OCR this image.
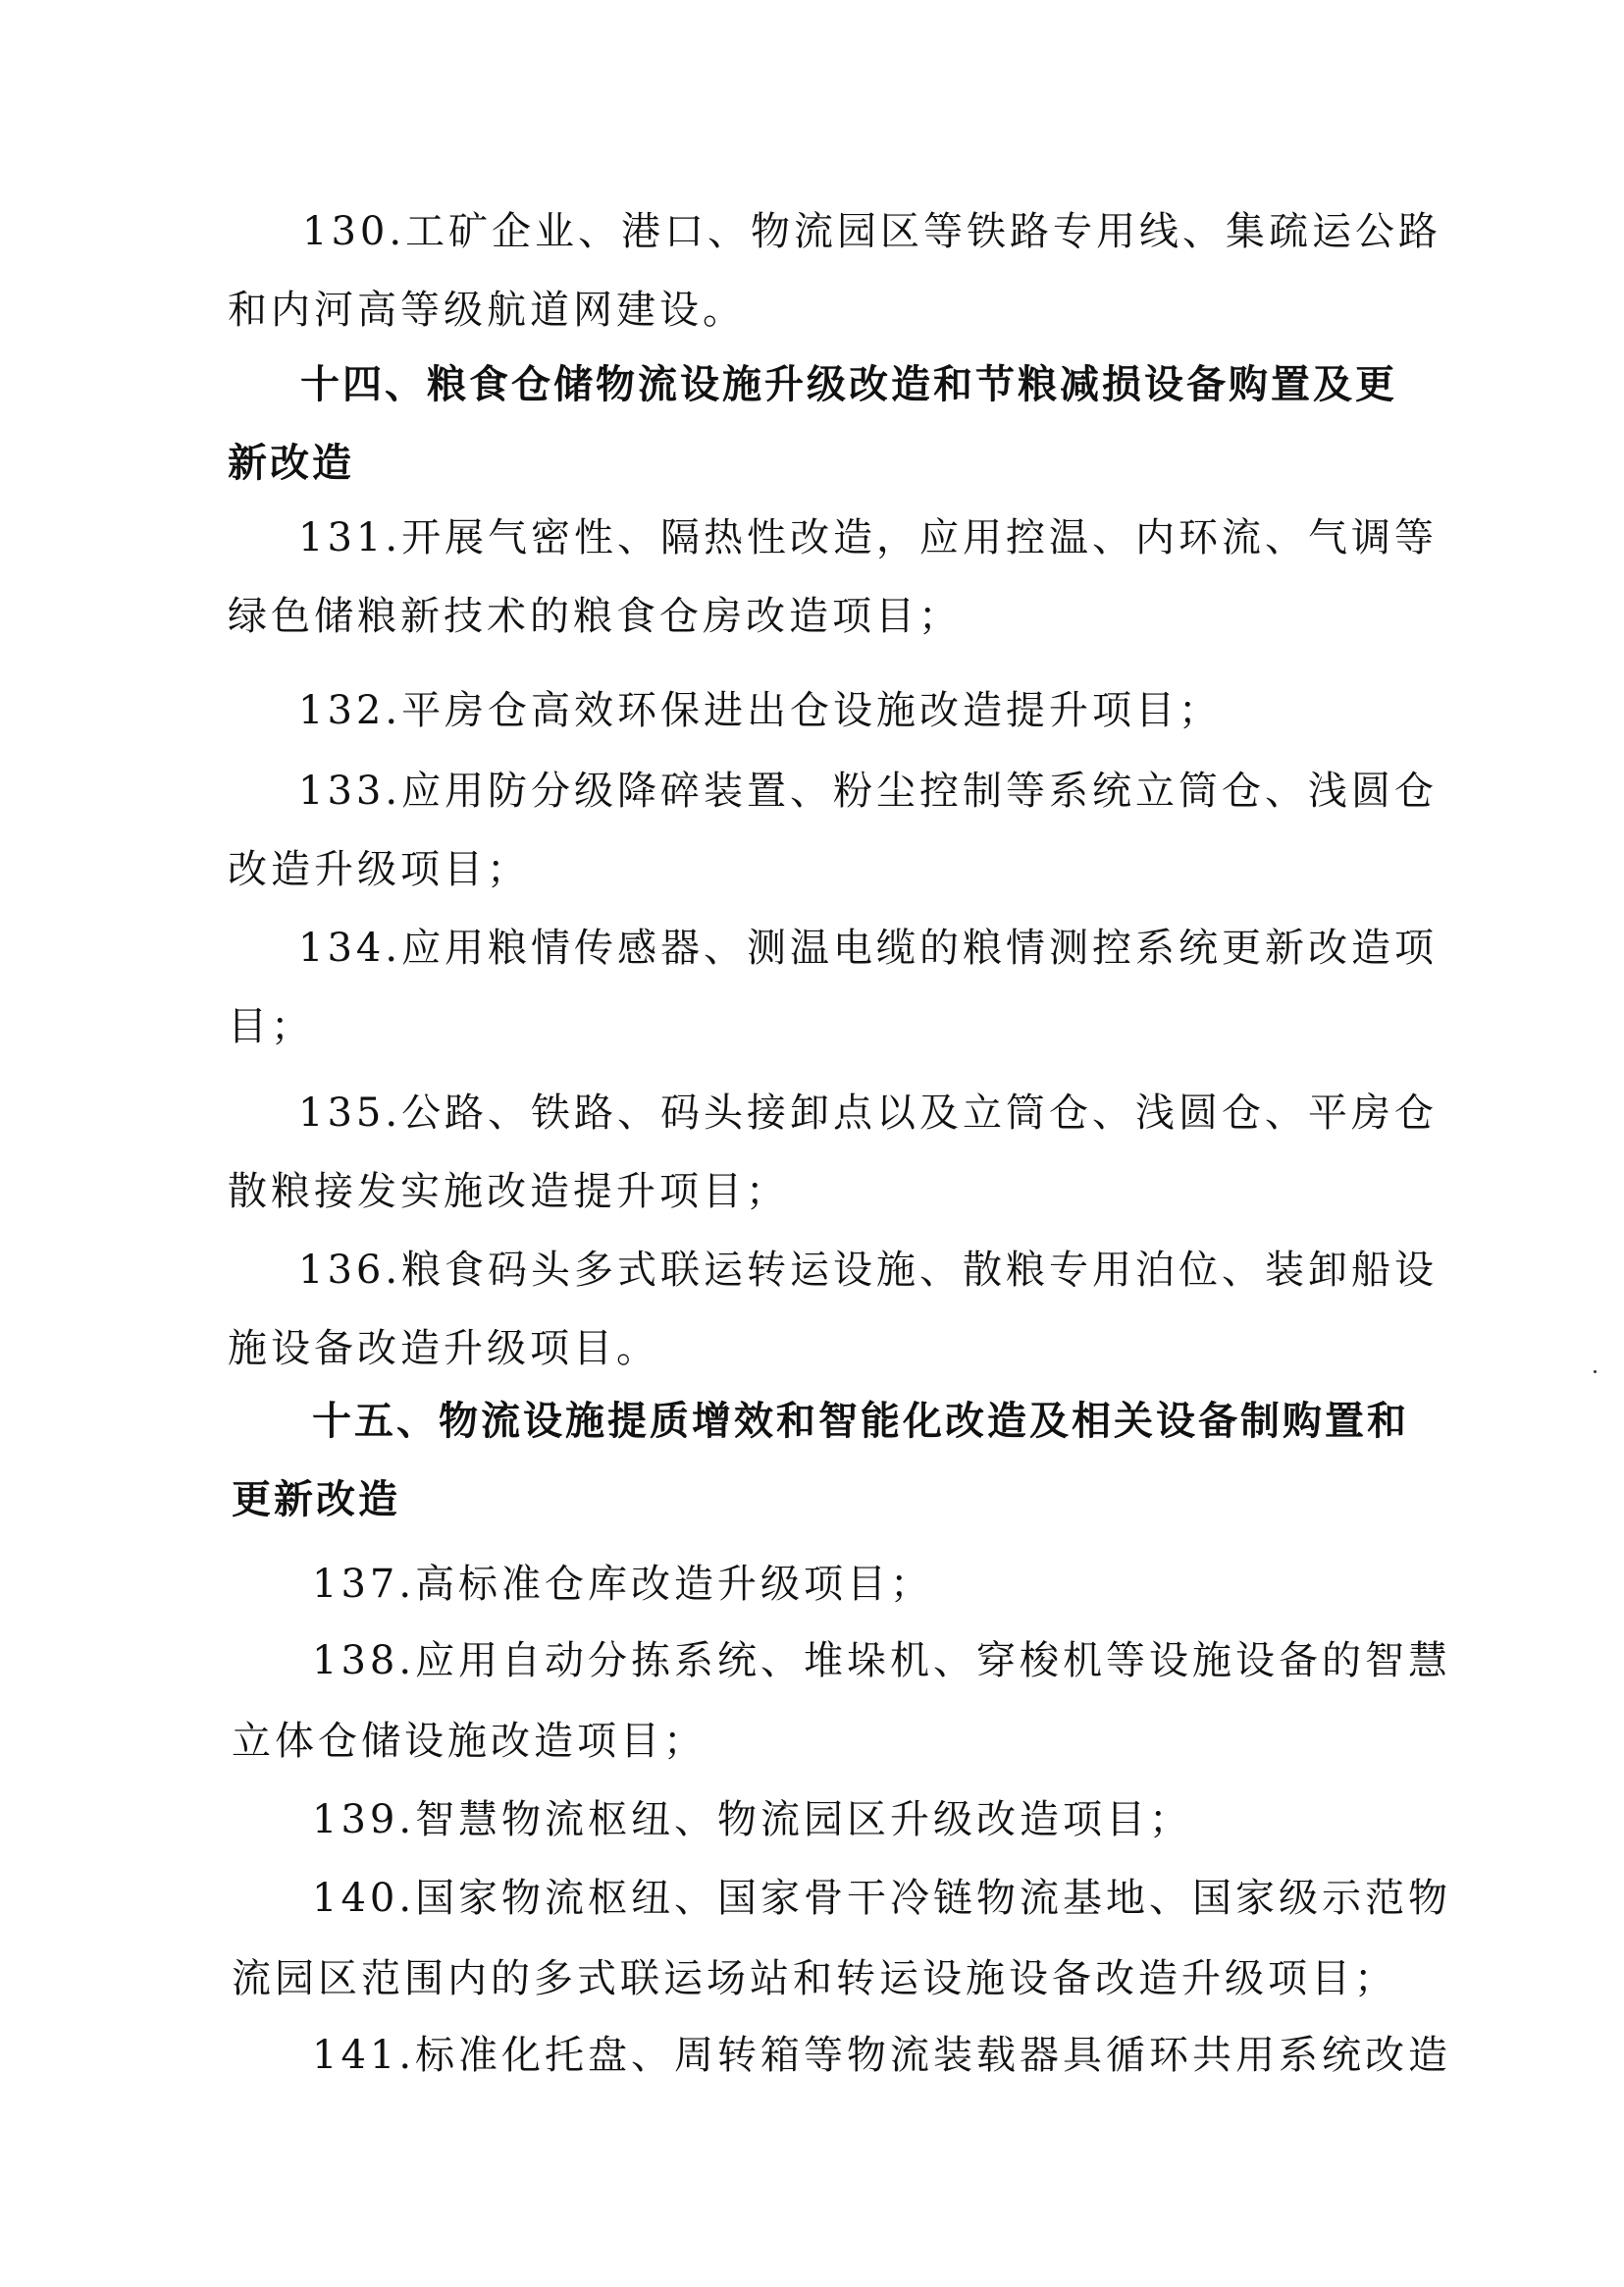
130.工矿企业、港口、物流园区等铁路专用线、集疏运公路
和内河高等级航道网建设。
十四、粮食仓储物流设施升级改造和节粮减损设备购置及更
新改造
131.开展气密性、隔热性改造，应用控温、内环流、气调等
绿色储粮新技术的粮食仓房改造项目；
132.平房仓高效环保进出仓设施改造提升项目；
133.应用防分级降碎装置、粉尘控制等系统立筒仓、浅圆仓
改造升级项目；
134.应用粮情传感器、测温电缆的粮情测控系统更新改造项
目；
135.公路、铁路、码头接卸点以及立筒仓、浅圆仓、平房仓
散粮接发实施改造提升项目；
136.粮食码头多式联运转运设施、散粮专用泊位、装卸船设
施设备改造升级项目。
十五、物流设施提质增效和智能化改造及相关设备制购置和
更新改造
137.高标准仓库改造升级项目；
138.应用自动分拣系统、堆垛机、穿梭机等设施设备的智慧
立体仓储设施改造项目；
139.智慧物流枢纽、物流园区升级改造项目；
140.国家物流枢纽、国家骨干冷链物流基地、国家级示范物
流园区范围内的多式联运场站和转运设施设备改造升级项目；
141.标准化托盘、周转箱等物流装载器具循环共用系统改造
